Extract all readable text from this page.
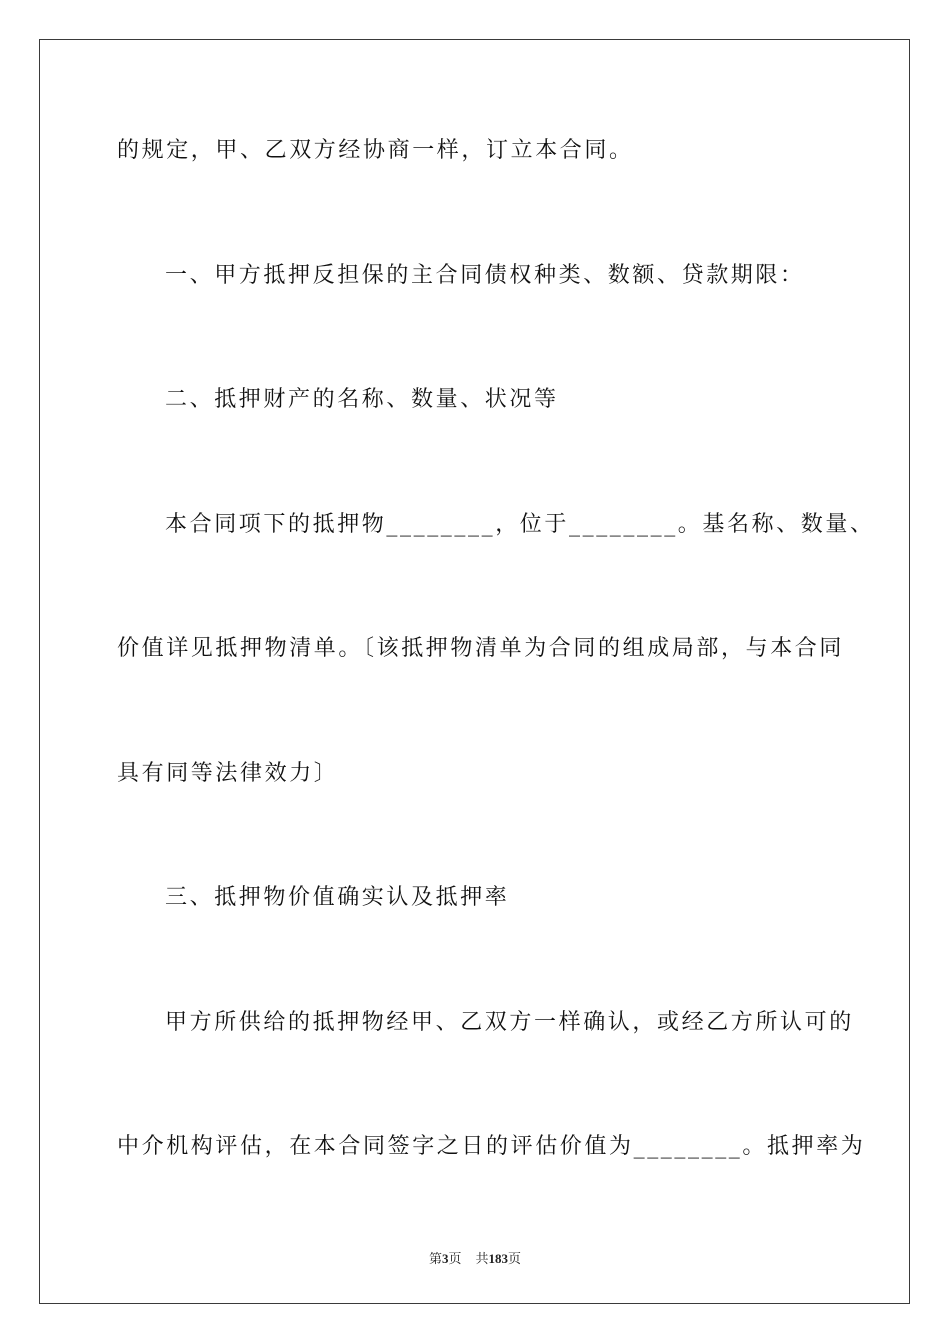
的规定，甲、乙双方经协商一样，订立本合同。
一、甲方抵押反担保的主合同债权种类、数额、贷款期限：
二、抵押财产的名称、数量、状况等
本合同项下的抵押物________，位于________。基名称、数量、
价值详见抵押物清单。〔该抵押物清单为合同的组成局部，与本合同
具有同等法律效力〕
三、抵押物价值确实认及抵押率
甲方所供给的抵押物经甲、乙双方一样确认，或经乙方所认可的
中介机构评估，在本合同签字之日的评估价值为________。抵押率为
第3页 共183页
